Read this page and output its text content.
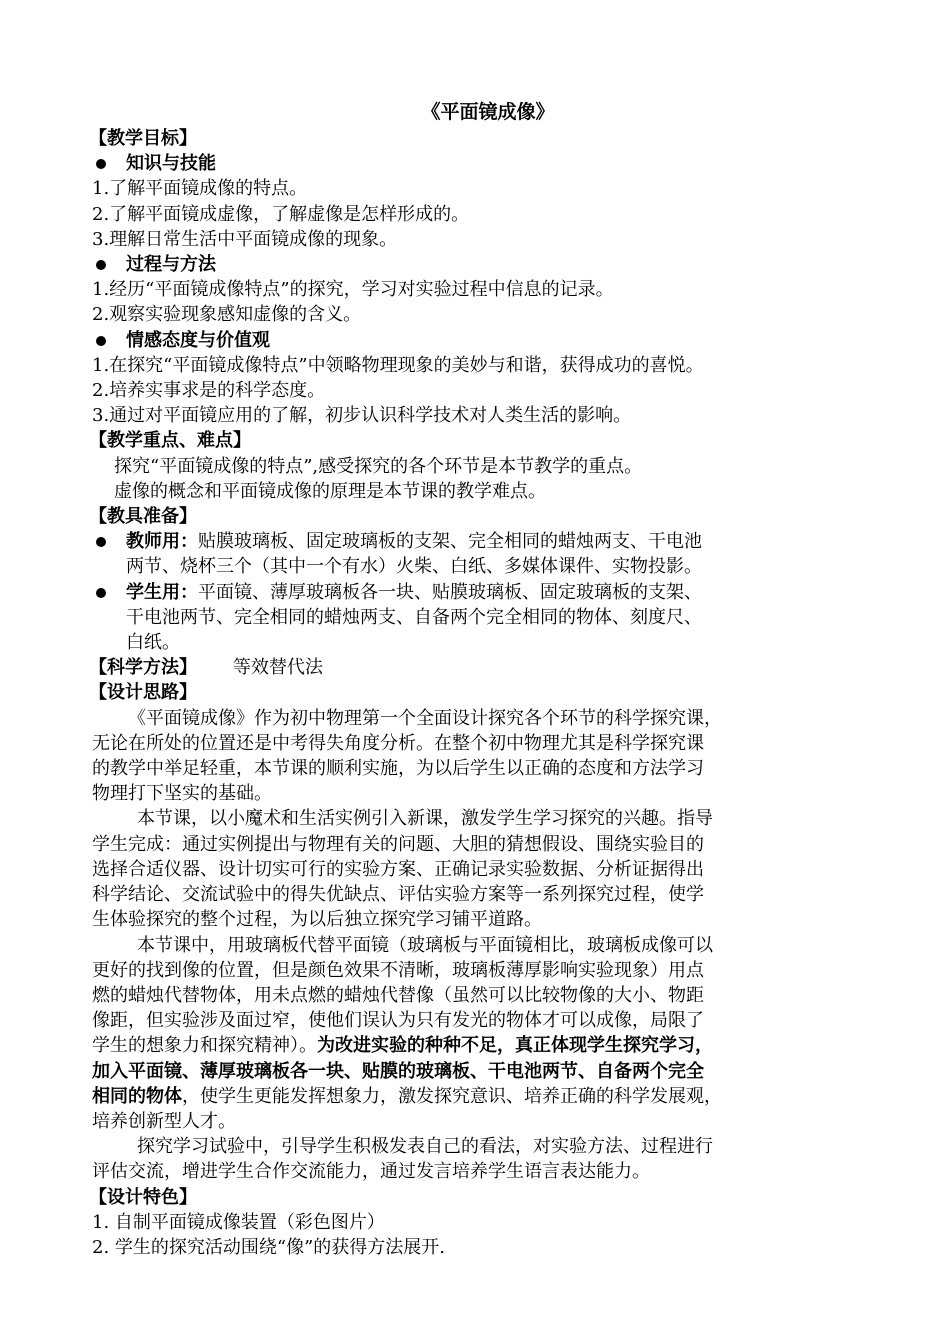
《平面镜成像》
【教学目标】
知识与技能
1.了解平面镜成像的特点。
2.了解平面镜成虚像，了解虚像是怎样形成的。
3.理解日常生活中平面镜成像的现象。
过程与方法
1.经历“平面镜成像特点”的探究，学习对实验过程中信息的记录。
2.观察实验现象感知虚像的含义。
情感态度与价值观
1.在探究“平面镜成像特点”中领略物理现象的美妙与和谐，获得成功的喜悦。
2.培养实事求是的科学态度。
3.通过对平面镜应用的了解，初步认识科学技术对人类生活的影响。
【教学重点、难点】
探究“平面镜成像的特点”,感受探究的各个环节是本节教学的重点。
虚像的概念和平面镜成像的原理是本节课的教学难点。
【教具准备】
教师用：贴膜玻璃板、固定玻璃板的支架、完全相同的蜡烛两支、干电池
两节、烧杯三个（其中一个有水）火柴、白纸、多媒体课件、实物投影。
学生用：平面镜、薄厚玻璃板各一块、贴膜玻璃板、固定玻璃板的支架、
干电池两节、完全相同的蜡烛两支、自备两个完全相同的物体、刻度尺、
白纸。
【科学方法】 等效替代法
【设计思路】
《平面镜成像》作为初中物理第一个全面设计探究各个环节的科学探究课，
无论在所处的位置还是中考得失角度分析。在整个初中物理尤其是科学探究课
的教学中举足轻重，本节课的顺利实施，为以后学生以正确的态度和方法学习
物理打下坚实的基础。
本节课，以小魔术和生活实例引入新课，激发学生学习探究的兴趣。指导
学生完成：通过实例提出与物理有关的问题、大胆的猜想假设、围绕实验目的
选择合适仪器、设计切实可行的实验方案、正确记录实验数据、分析证据得出
科学结论、交流试验中的得失优缺点、评估实验方案等一系列探究过程，使学
生体验探究的整个过程，为以后独立探究学习铺平道路。
本节课中，用玻璃板代替平面镜（玻璃板与平面镜相比，玻璃板成像可以
更好的找到像的位置，但是颜色效果不清晰，玻璃板薄厚影响实验现象）用点
燃的蜡烛代替物体，用未点燃的蜡烛代替像（虽然可以比较物像的大小、物距
像距，但实验涉及面过窄，使他们误认为只有发光的物体才可以成像，局限了
学生的想象力和探究精神）。为改进实验的种种不足，真正体现学生探究学习，
加入平面镜、薄厚玻璃板各一块、贴膜的玻璃板、干电池两节、自备两个完全
相同的物体，使学生更能发挥想象力，激发探究意识、培养正确的科学发展观，
培养创新型人才。
探究学习试验中，引导学生积极发表自己的看法，对实验方法、过程进行
评估交流，增进学生合作交流能力，通过发言培养学生语言表达能力。
【设计特色】
1. 自制平面镜成像装置（彩色图片）
2. 学生的探究活动围绕“像”的获得方法展开.
